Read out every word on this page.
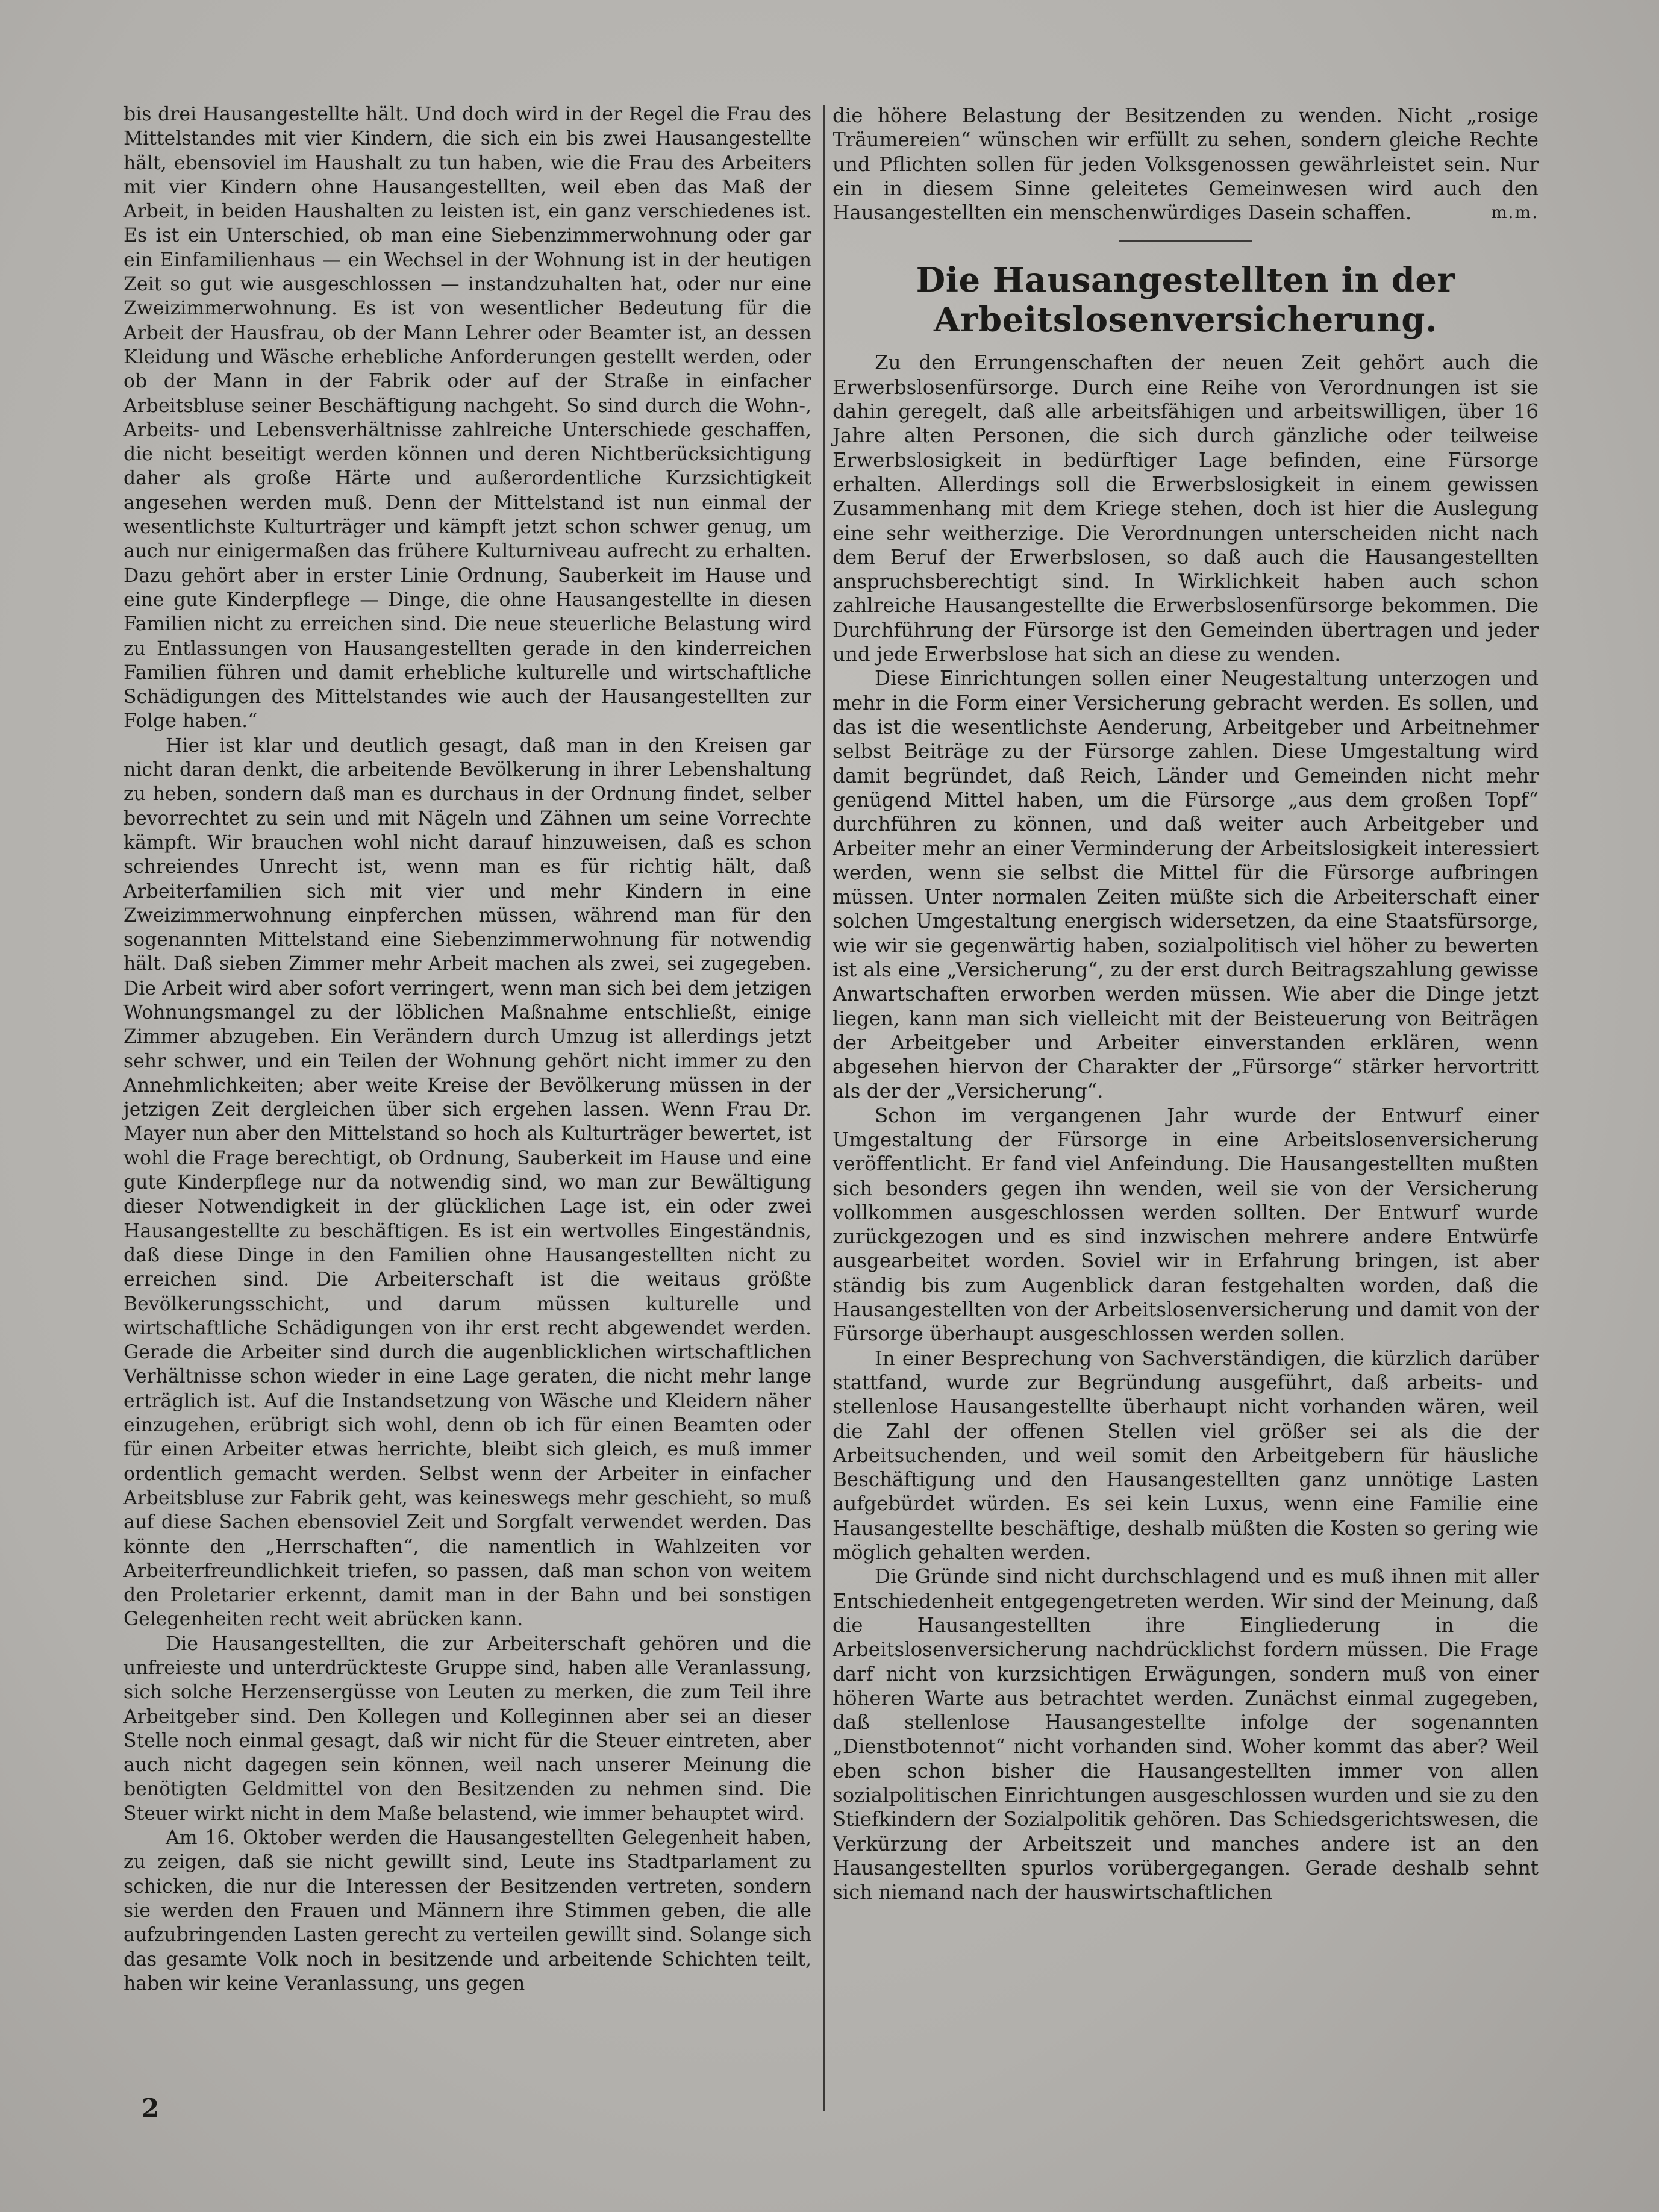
bis drei Hausangestellte hält. Und doch wird in der Regel die Frau des Mittelstandes mit vier Kindern, die sich ein bis zwei Hausangestellte hält, ebensoviel im Haushalt zu tun haben, wie die Frau des Arbeiters mit vier Kindern ohne Hausangestellten, weil eben das Maß der Arbeit, in beiden Haushalten zu leisten ist, ein ganz verschiedenes ist. Es ist ein Unterschied, ob man eine Siebenzimmerwohnung oder gar ein Einfamilienhaus — ein Wechsel in der Wohnung ist in der heutigen Zeit so gut wie ausgeschlossen — instandzuhalten hat, oder nur eine Zweizimmerwohnung. Es ist von wesentlicher Bedeutung für die Arbeit der Hausfrau, ob der Mann Lehrer oder Beamter ist, an dessen Kleidung und Wäsche erhebliche Anforderungen gestellt werden, oder ob der Mann in der Fabrik oder auf der Straße in einfacher Arbeitsbluse seiner Beschäftigung nachgeht. So sind durch die Wohn-, Arbeits- und Lebensverhältnisse zahlreiche Unterschiede geschaffen, die nicht beseitigt werden können und deren Nichtberücksichtigung daher als große Härte und außerordentliche Kurzsichtigkeit angesehen werden muß. Denn der Mittelstand ist nun einmal der wesentlichste Kulturträger und kämpft jetzt schon schwer genug, um auch nur einigermaßen das frühere Kulturniveau aufrecht zu erhalten. Dazu gehört aber in erster Linie Ordnung, Sauberkeit im Hause und eine gute Kinderpflege — Dinge, die ohne Hausangestellte in diesen Familien nicht zu erreichen sind. Die neue steuerliche Belastung wird zu Entlassungen von Hausangestellten gerade in den kinderreichen Familien führen und damit erhebliche kulturelle und wirtschaftliche Schädigungen des Mittelstandes wie auch der Hausangestellten zur Folge haben.“

Hier ist klar und deutlich gesagt, daß man in den Kreisen gar nicht daran denkt, die arbeitende Bevölkerung in ihrer Lebenshaltung zu heben, sondern daß man es durchaus in der Ordnung findet, selber bevorrechtet zu sein und mit Nägeln und Zähnen um seine Vorrechte kämpft. Wir brauchen wohl nicht darauf hinzuweisen, daß es schon schreiendes Unrecht ist, wenn man es für richtig hält, daß Arbeiterfamilien sich mit vier und mehr Kindern in eine Zweizimmerwohnung einpferchen müssen, während man für den sogenannten Mittelstand eine Siebenzimmerwohnung für notwendig hält. Daß sieben Zimmer mehr Arbeit machen als zwei, sei zugegeben. Die Arbeit wird aber sofort verringert, wenn man sich bei dem jetzigen Wohnungsmangel zu der löblichen Maßnahme entschließt, einige Zimmer abzugeben. Ein Verändern durch Umzug ist allerdings jetzt sehr schwer, und ein Teilen der Wohnung gehört nicht immer zu den Annehmlichkeiten; aber weite Kreise der Bevölkerung müssen in der jetzigen Zeit dergleichen über sich ergehen lassen. Wenn Frau Dr. Mayer nun aber den Mittelstand so hoch als Kulturträger bewertet, ist wohl die Frage berechtigt, ob Ordnung, Sauberkeit im Hause und eine gute Kinderpflege nur da notwendig sind, wo man zur Bewältigung dieser Notwendigkeit in der glücklichen Lage ist, ein oder zwei Hausangestellte zu beschäftigen. Es ist ein wertvolles Eingeständnis, daß diese Dinge in den Familien ohne Hausangestellten nicht zu erreichen sind. Die Arbeiterschaft ist die weitaus größte Bevölkerungsschicht, und darum müssen kulturelle und wirtschaftliche Schädigungen von ihr erst recht abgewendet werden. Gerade die Arbeiter sind durch die augenblicklichen wirtschaftlichen Verhältnisse schon wieder in eine Lage geraten, die nicht mehr lange erträglich ist. Auf die Instandsetzung von Wäsche und Kleidern näher einzugehen, erübrigt sich wohl, denn ob ich für einen Beamten oder für einen Arbeiter etwas herrichte, bleibt sich gleich, es muß immer ordentlich gemacht werden. Selbst wenn der Arbeiter in einfacher Arbeitsbluse zur Fabrik geht, was keineswegs mehr geschieht, so muß auf diese Sachen ebensoviel Zeit und Sorgfalt verwendet werden. Das könnte den „Herrschaften“, die namentlich in Wahlzeiten vor Arbeiterfreundlichkeit triefen, so passen, daß man schon von weitem den Proletarier erkennt, damit man in der Bahn und bei sonstigen Gelegenheiten recht weit abrücken kann.

Die Hausangestellten, die zur Arbeiterschaft gehören und die unfreieste und unterdrückteste Gruppe sind, haben alle Veranlassung, sich solche Herzensergüsse von Leuten zu merken, die zum Teil ihre Arbeitgeber sind. Den Kollegen und Kolleginnen aber sei an dieser Stelle noch einmal gesagt, daß wir nicht für die Steuer eintreten, aber auch nicht dagegen sein können, weil nach unserer Meinung die benötigten Geldmittel von den Besitzenden zu nehmen sind. Die Steuer wirkt nicht in dem Maße belastend, wie immer behauptet wird.

Am 16. Oktober werden die Hausangestellten Gelegenheit haben, zu zeigen, daß sie nicht gewillt sind, Leute ins Stadtparlament zu schicken, die nur die Interessen der Besitzenden vertreten, sondern sie werden den Frauen und Männern ihre Stimmen geben, die alle aufzubringenden Lasten gerecht zu verteilen gewillt sind. Solange sich das gesamte Volk noch in besitzende und arbeitende Schichten teilt, haben wir keine Veranlassung, uns gegen

die höhere Belastung der Besitzenden zu wenden. Nicht „rosige Träumereien“ wünschen wir erfüllt zu sehen, sondern gleiche Rechte und Pflichten sollen für jeden Volksgenossen gewährleistet sein. Nur ein in diesem Sinne geleitetes Gemeinwesen wird auch den Hausangestellten ein menschenwürdiges Dasein schaffen.	m.m.

Die Hausangestellten in der Arbeitslosenversicherung.

Zu den Errungenschaften der neuen Zeit gehört auch die Erwerbslosenfürsorge. Durch eine Reihe von Verordnungen ist sie dahin geregelt, daß alle arbeitsfähigen und arbeitswilligen, über 16 Jahre alten Personen, die sich durch gänzliche oder teilweise Erwerbslosigkeit in bedürftiger Lage befinden, eine Fürsorge erhalten. Allerdings soll die Erwerbslosigkeit in einem gewissen Zusammenhang mit dem Kriege stehen, doch ist hier die Auslegung eine sehr weitherzige. Die Verordnungen unterscheiden nicht nach dem Beruf der Erwerbslosen, so daß auch die Hausangestellten anspruchsberechtigt sind. In Wirklichkeit haben auch schon zahlreiche Hausangestellte die Erwerbslosenfürsorge bekommen. Die Durchführung der Fürsorge ist den Gemeinden übertragen und jeder und jede Erwerbslose hat sich an diese zu wenden.

Diese Einrichtungen sollen einer Neugestaltung unterzogen und mehr in die Form einer Versicherung gebracht werden. Es sollen, und das ist die wesentlichste Aenderung, Arbeitgeber und Arbeitnehmer selbst Beiträge zu der Fürsorge zahlen. Diese Umgestaltung wird damit begründet, daß Reich, Länder und Gemeinden nicht mehr genügend Mittel haben, um die Fürsorge „aus dem großen Topf“ durchführen zu können, und daß weiter auch Arbeitgeber und Arbeiter mehr an einer Verminderung der Arbeitslosigkeit interessiert werden, wenn sie selbst die Mittel für die Fürsorge aufbringen müssen. Unter normalen Zeiten müßte sich die Arbeiterschaft einer solchen Umgestaltung energisch widersetzen, da eine Staatsfürsorge, wie wir sie gegenwärtig haben, sozialpolitisch viel höher zu bewerten ist als eine „Versicherung“, zu der erst durch Beitragszahlung gewisse Anwartschaften erworben werden müssen. Wie aber die Dinge jetzt liegen, kann man sich vielleicht mit der Beisteuerung von Beiträgen der Arbeitgeber und Arbeiter einverstanden erklären, wenn abgesehen hiervon der Charakter der „Fürsorge“ stärker hervortritt als der der „Versicherung“.

Schon im vergangenen Jahr wurde der Entwurf einer Umgestaltung der Fürsorge in eine Arbeitslosenversicherung veröffentlicht. Er fand viel Anfeindung. Die Hausangestellten mußten sich besonders gegen ihn wenden, weil sie von der Versicherung vollkommen ausgeschlossen werden sollten. Der Entwurf wurde zurückgezogen und es sind inzwischen mehrere andere Entwürfe ausgearbeitet worden. Soviel wir in Erfahrung bringen, ist aber ständig bis zum Augenblick daran festgehalten worden, daß die Hausangestellten von der Arbeitslosenversicherung und damit von der Fürsorge überhaupt ausgeschlossen werden sollen.

In einer Besprechung von Sachverständigen, die kürzlich darüber stattfand, wurde zur Begründung ausgeführt, daß arbeits- und stellenlose Hausangestellte überhaupt nicht vorhanden wären, weil die Zahl der offenen Stellen viel größer sei als die der Arbeitsuchenden, und weil somit den Arbeitgebern für häusliche Beschäftigung und den Hausangestellten ganz unnötige Lasten aufgebürdet würden. Es sei kein Luxus, wenn eine Familie eine Hausangestellte beschäftige, deshalb müßten die Kosten so gering wie möglich gehalten werden.

Die Gründe sind nicht durchschlagend und es muß ihnen mit aller Entschiedenheit entgegengetreten werden. Wir sind der Meinung, daß die Hausangestellten ihre Eingliederung in die Arbeitslosenversicherung nachdrücklichst fordern müssen. Die Frage darf nicht von kurzsichtigen Erwägungen, sondern muß von einer höheren Warte aus betrachtet werden. Zunächst einmal zugegeben, daß stellenlose Hausangestellte infolge der sogenannten „Dienstbotennot“ nicht vorhanden sind. Woher kommt das aber? Weil eben schon bisher die Hausangestellten immer von allen sozialpolitischen Einrichtungen ausgeschlossen wurden und sie zu den Stiefkindern der Sozialpolitik gehören. Das Schiedsgerichtswesen, die Verkürzung der Arbeitszeit und manches andere ist an den Hausangestellten spurlos vorübergegangen. Gerade deshalb sehnt sich niemand nach der hauswirtschaftlichen

2
